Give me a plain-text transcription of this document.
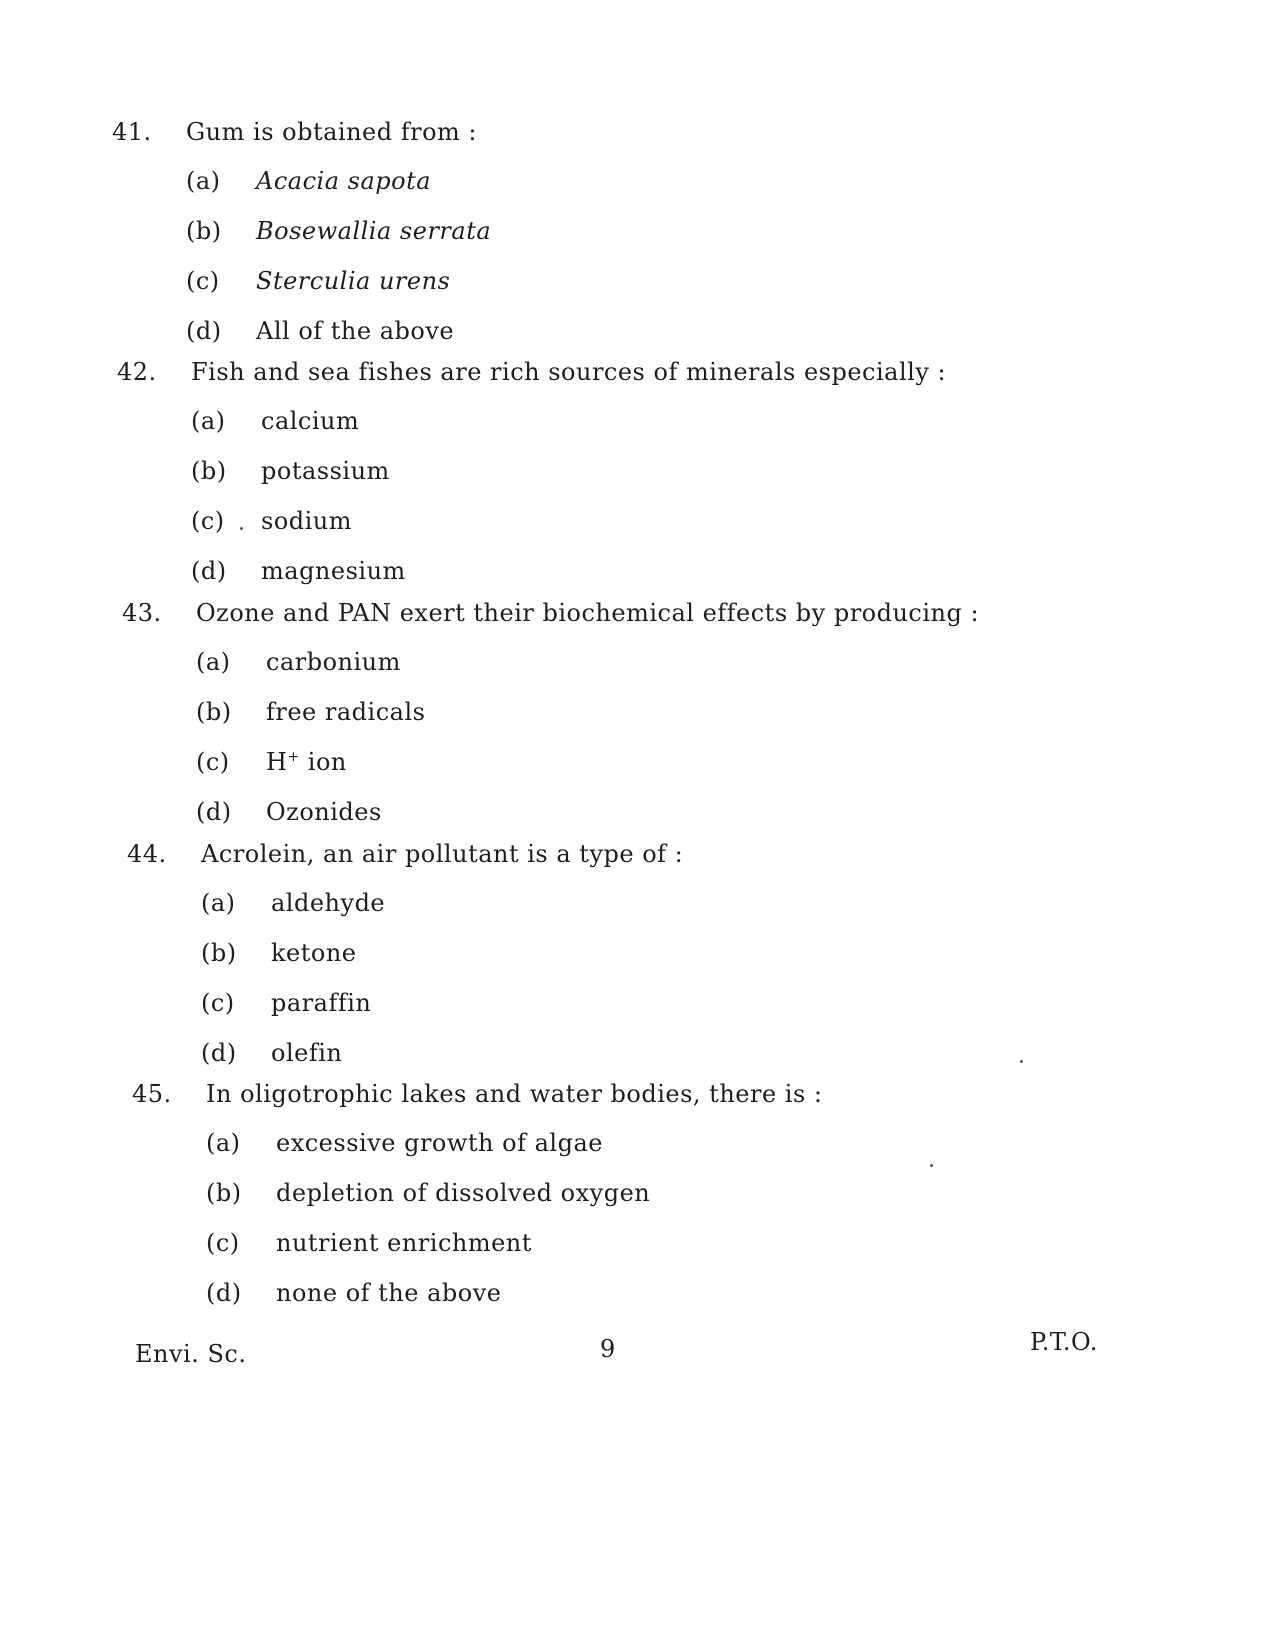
41.	Gum is obtained from :
(a)	Acacia sapota
(b)	Bosewallia serrata
(c)	Sterculia urens
(d)	All of the above
42.	Fish and sea fishes are rich sources of minerals especially :
(a)	calcium
(b)	potassium
(c)	sodium
(d)	magnesium
43.	Ozone and PAN exert their biochemical effects by producing :
(a)	carbonium
(b)	free radicals
(c)	H+ ion
(d)	Ozonides
44.	Acrolein, an air pollutant is a type of :
(a)	aldehyde
(b)	ketone
(c)	paraffin
(d)	olefin
45.	In oligotrophic lakes and water bodies, there is :
(a)	excessive growth of algae
(b)	depletion of dissolved oxygen
(c)	nutrient enrichment
(d)	none of the above
Envi. Sc.	9	P.T.O.
